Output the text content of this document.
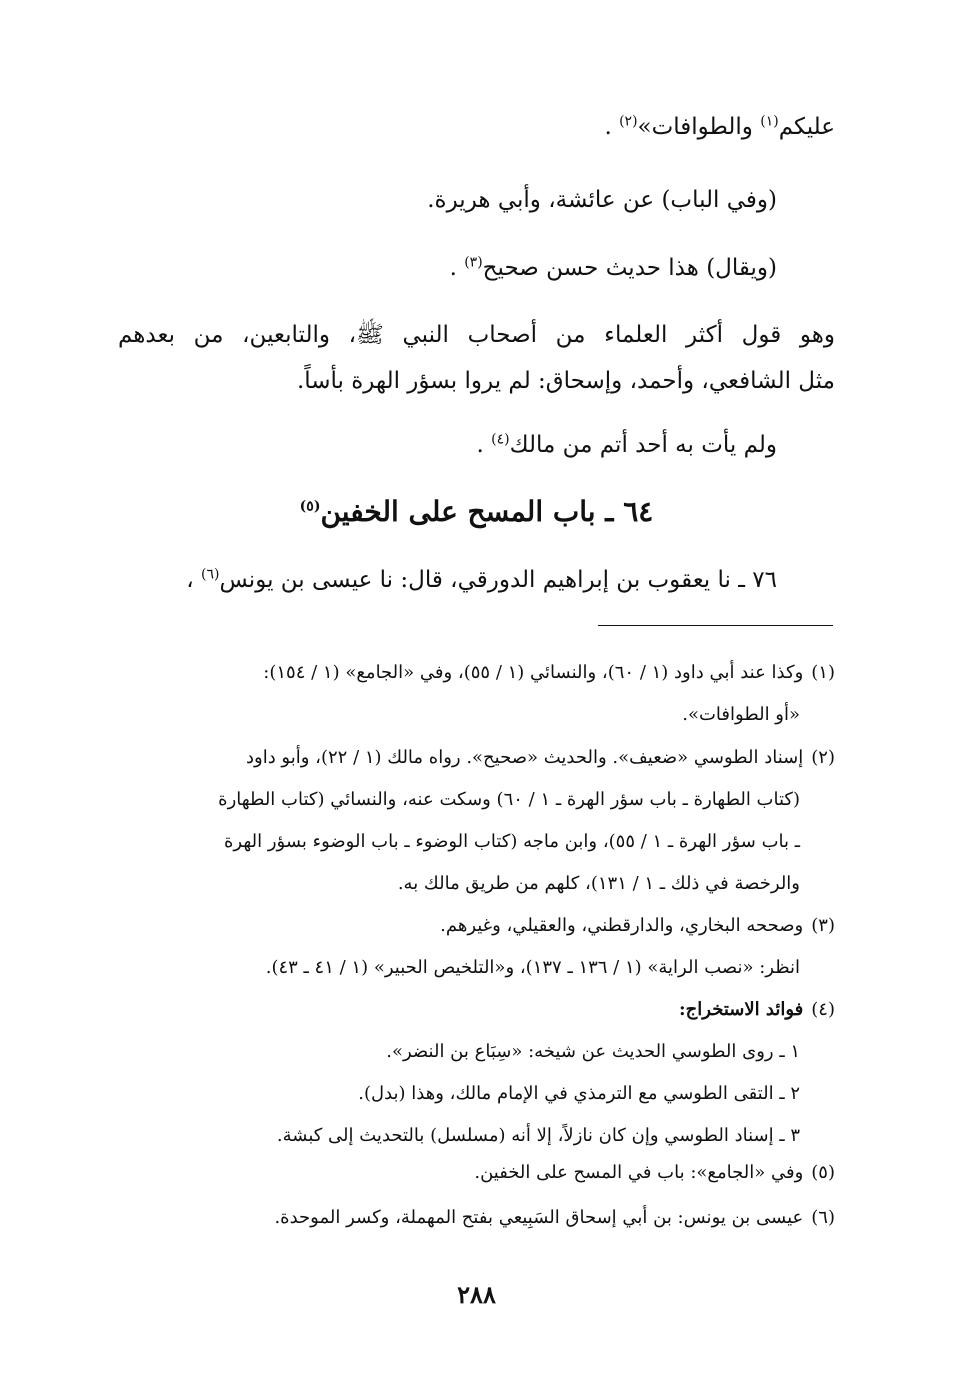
عليكم$^{(١)}$ والطوافات»$^{(٢)}$ .
(وفي الباب) عن عائشة، وأبي هريرة.
(ويقال) هذا حديث حسن صحيح$^{(٣)}$ .
وهو قول أكثر العلماء من أصحاب النبي ﷺ، والتابعين، من بعدهم
مثل الشافعي، وأحمد، وإسحاق: لم يروا بسؤر الهرة بأساً.
ولم يأت به أحد أتم من مالك$^{(٤)}$ .
٦٤ ـ باب المسح على الخفين$^{(٥)}$
٧٦ ـ نا يعقوب بن إبراهيم الدورقي، قال: نا عيسى بن يونس$^{(٦)}$ ،
(١)وكذا عند أبي داود (١ / ٦٠)، والنسائي (١ / ٥٥)، وفي «الجامع» (١ / ١٥٤):
«أو الطوافات».
(٢)إسناد الطوسي «ضعيف». والحديث «صحيح». رواه مالك (١ / ٢٢)، وأبو داود
(كتاب الطهارة ـ باب سؤر الهرة ـ ١ / ٦٠) وسكت عنه، والنسائي (كتاب الطهارة
ـ باب سؤر الهرة ـ ١ / ٥٥)، وابن ماجه (كتاب الوضوء ـ باب الوضوء بسؤر الهرة
والرخصة في ذلك ـ ١ / ١٣١)، كلهم من طريق مالك به.
(٣)وصححه البخاري، والدارقطني، والعقيلي، وغيرهم.
انظر: «نصب الراية» (١ / ١٣٦ ـ ١٣٧)، و«التلخيص الحبير» (١ / ٤١ ـ ٤٣).
(٤)فوائد الاستخراج:
١ ـ روى الطوسي الحديث عن شيخه: «سِبَاع بن النضر».
٢ ـ التقى الطوسي مع الترمذي في الإمام مالك، وهذا (بدل).
٣ ـ إسناد الطوسي وإن كان نازلاً، إلا أنه (مسلسل) بالتحديث إلى كبشة.
(٥)وفي «الجامع»: باب في المسح على الخفين.
(٦)عيسى بن يونس: بن أبي إسحاق السَبِيعي بفتح المهملة، وكسر الموحدة.
٢٨٨
